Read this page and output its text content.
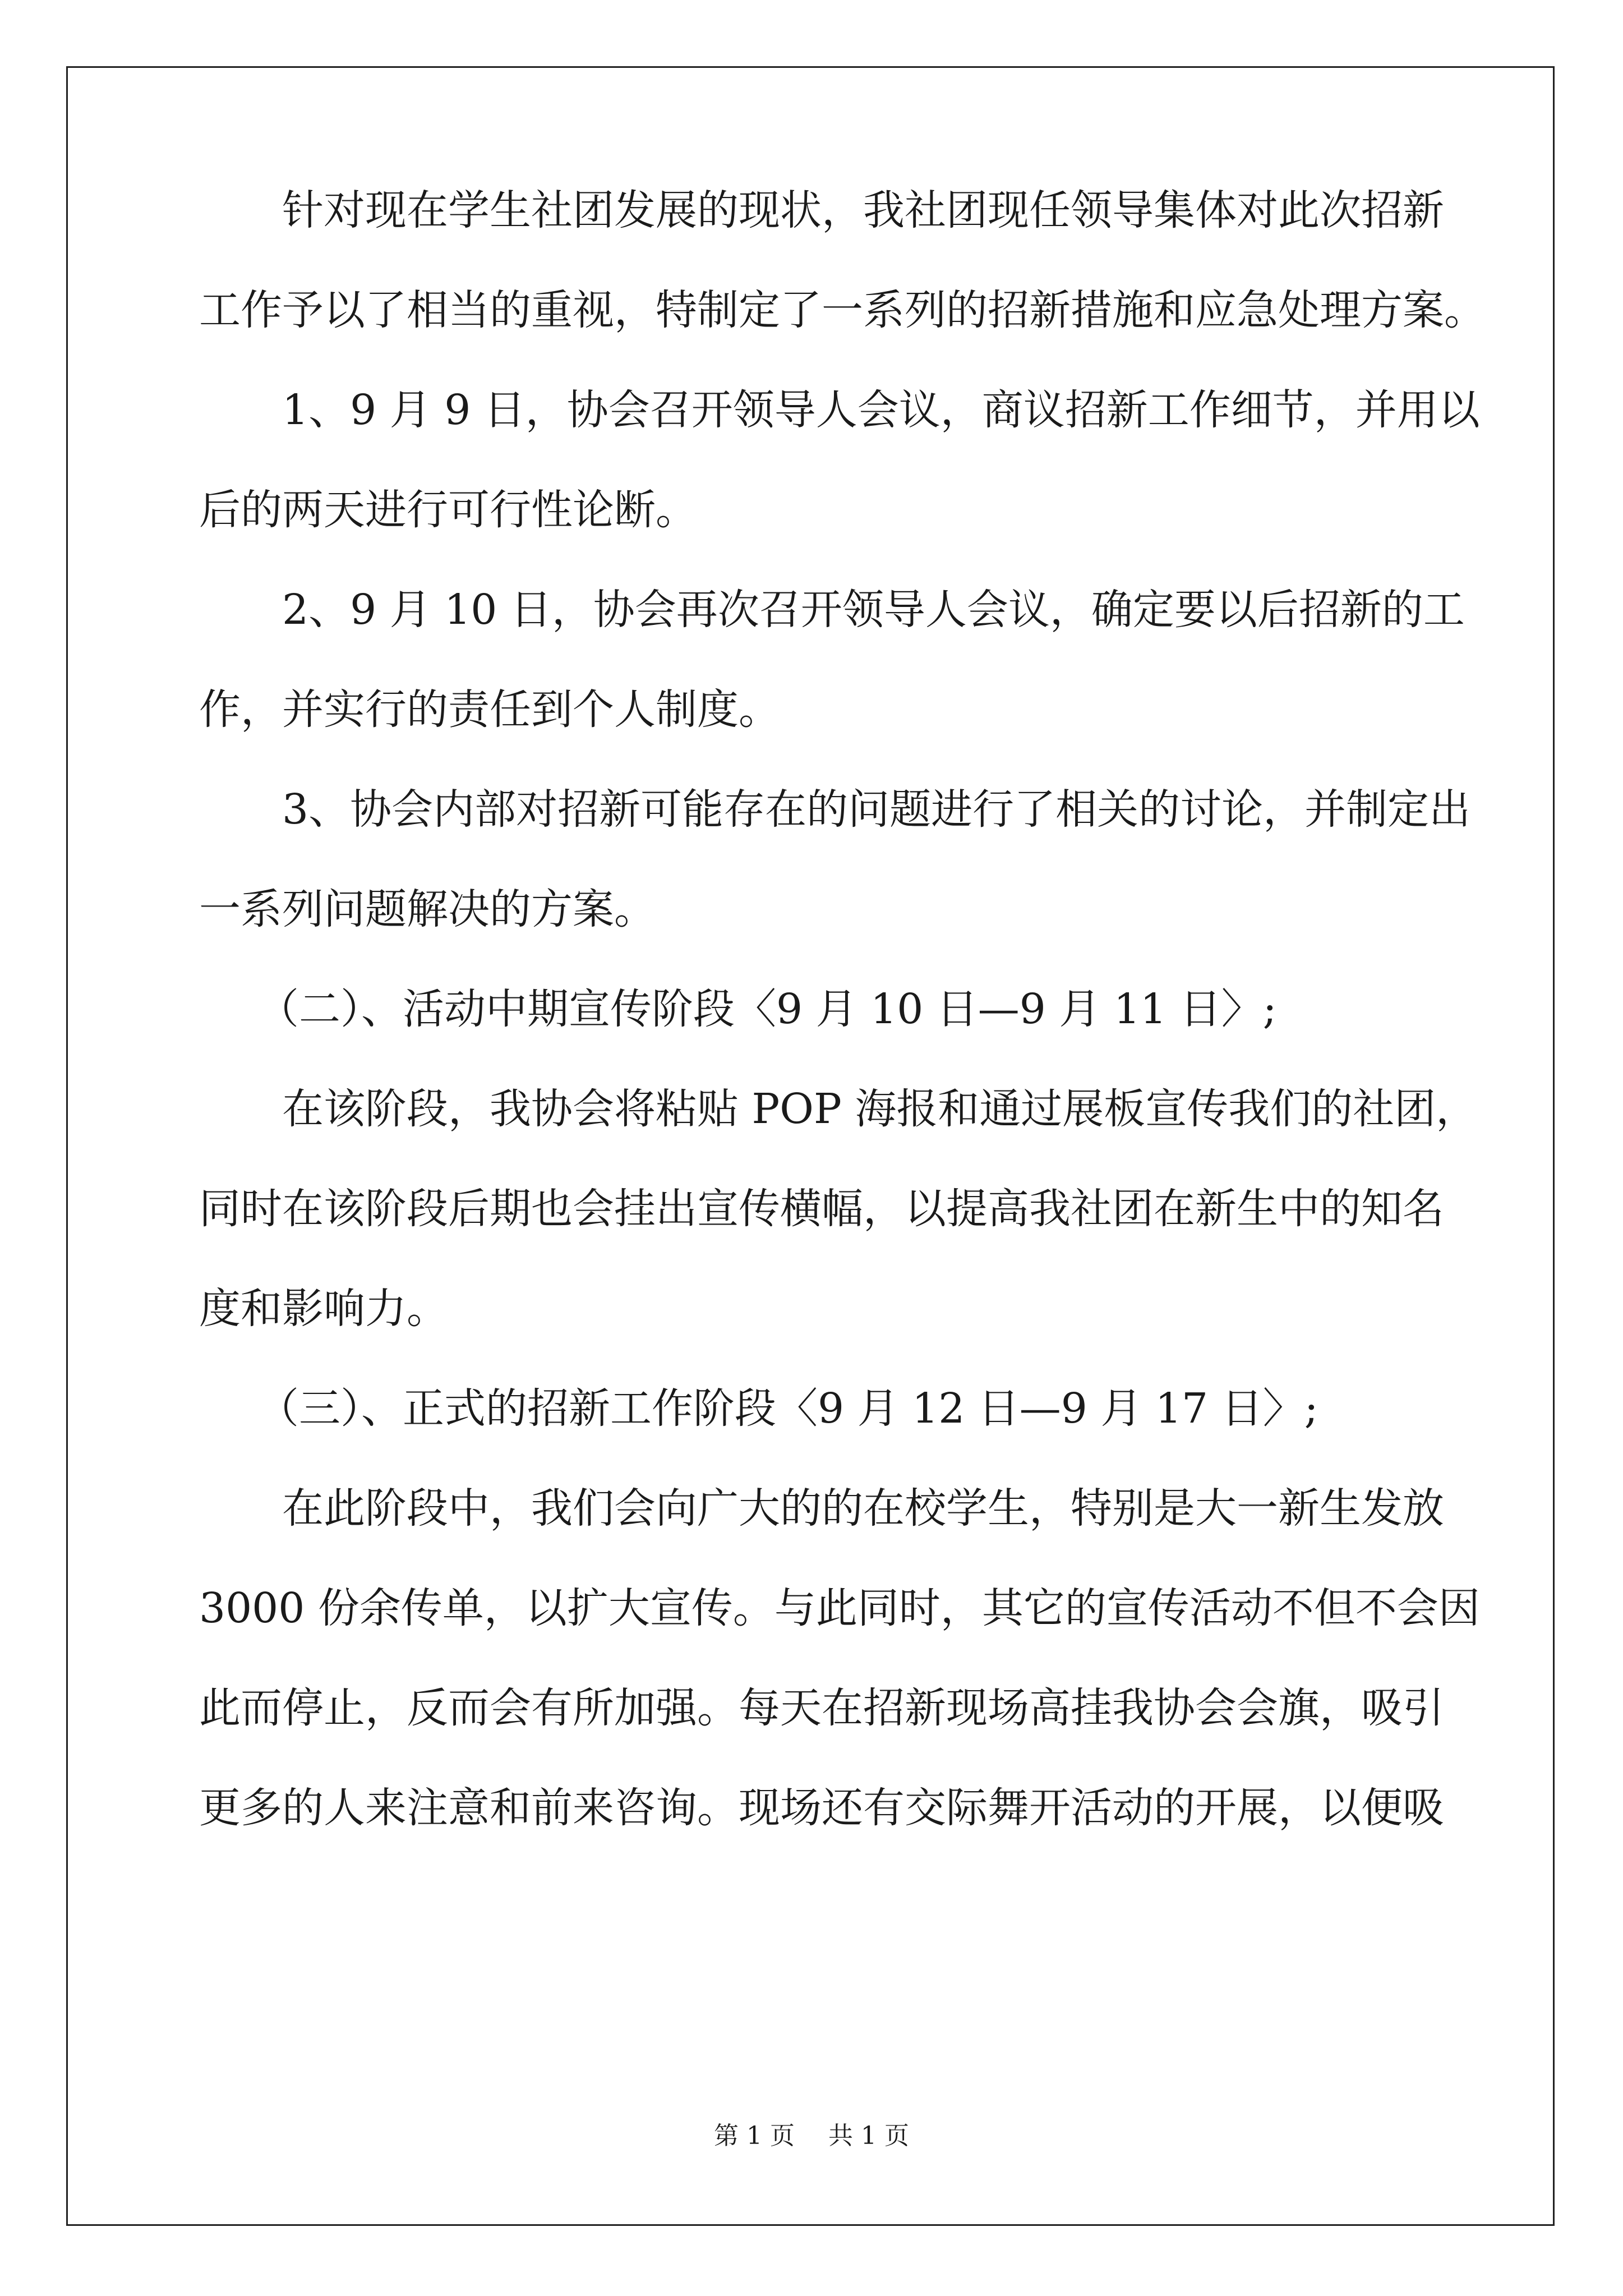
针对现在学生社团发展的现状，我社团现任领导集体对此次招新
工作予以了相当的重视，特制定了一系列的招新措施和应急处理方案。
1、9 月 9 日，协会召开领导人会议，商议招新工作细节，并用以
后的两天进行可行性论断。
2、9 月 10 日，协会再次召开领导人会议，确定要以后招新的工
作，并实行的责任到个人制度。
3、协会内部对招新可能存在的问题进行了相关的讨论，并制定出
一系列问题解决的方案。
（二）、活动中期宣传阶段〈9 月 10 日—9 月 11 日〉;
在该阶段，我协会将粘贴 POP 海报和通过展板宣传我们的社团，
同时在该阶段后期也会挂出宣传横幅，以提高我社团在新生中的知名
度和影响力。
（三）、正式的招新工作阶段〈9 月 12 日—9 月 17 日〉;
在此阶段中，我们会向广大的的在校学生，特别是大一新生发放
3000 份余传单，以扩大宣传。与此同时，其它的宣传活动不但不会因
此而停止，反而会有所加强。每天在招新现场高挂我协会会旗，吸引
更多的人来注意和前来咨询。现场还有交际舞开活动的开展，以便吸
第 1 页 共 1 页
